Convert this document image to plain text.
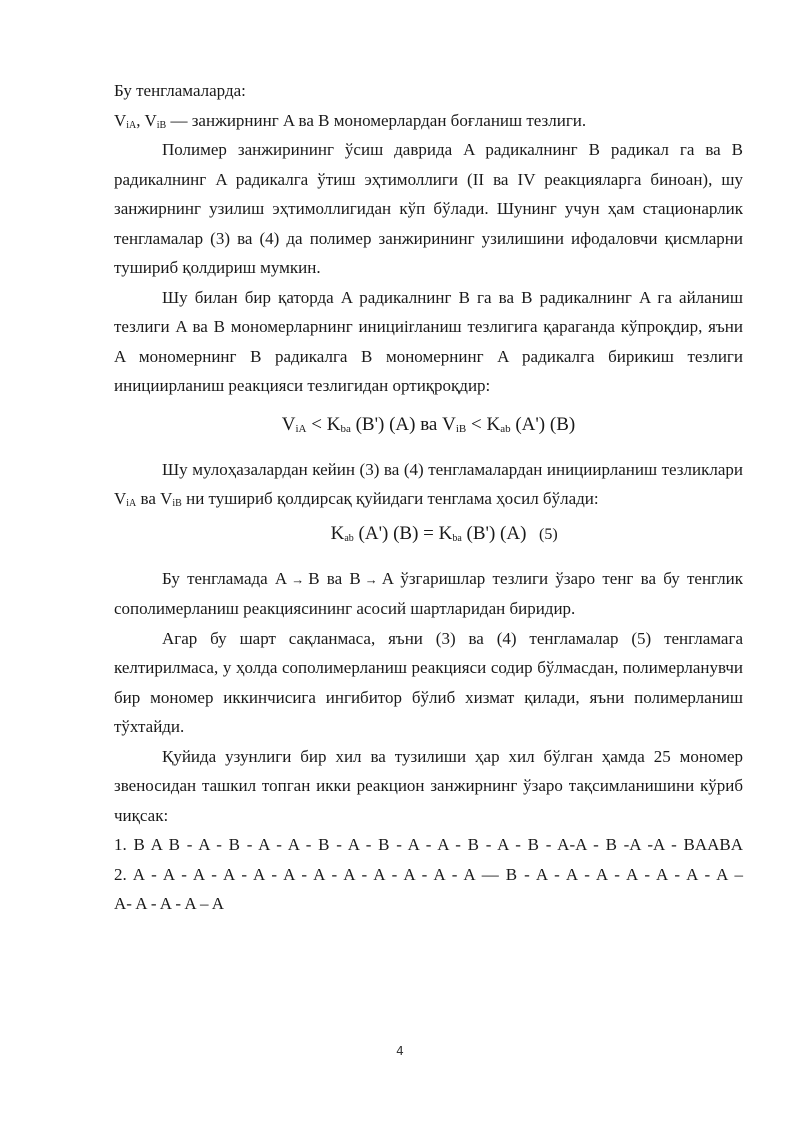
Бу тенгламаларда:

$V_{iA}$, $V_{iB}$ — занжирнинг A ва B мономерлардан боғланиш тезлиги.

Полимер занжирининг ўсиш даврида A радикалнинг B радикал га ва B радикалнинг A радикалга ўтиш эҳтимоллиги (II ва IV реакцияларга биноан), шу занжирнинг узилиш эҳтимоллигидан кўп бўлади. Шунинг учун ҳам стационарлик тенгламалар (3) ва (4) да полимер занжирининг узилишини ифодаловчи қисмларни тушириб қолдириш мумкин.

Шу билан бир қаторда A радикалнинг B га ва B радикалнинг A га айланиш тезлиги A ва B мономерларнинг инициirланиш тезлигига қараганда кўпроқдир, яъни A мономернинг B радикалга B мономернинг A радикалга бирикиш тезлиги инициирланиш реакцияси тезлигидан ортиқроқдир:

$V_{iA} < K_{ba}$ (B') (A) ва $V_{iB} < K_{ab}$ (A') (B)

Шу мулоҳазалардан кейин (3) ва (4) тенгламалардан инициирланиш тезликлари $V_{iA}$ ва $V_{iB}$ ни тушириб қолдирсақ қуйидаги тенглама ҳосил бўлади:

$K_{ab}$ (A') $(B) = K_{ba}$ (B') (A) (5)

Бу тенгламада A → B ва B → A ўзгаришлар тезлиги ўзаро тенг ва бу тенглик сополимерланиш реакциясининг асосий шартларидан биридир.

Агар бу шарт сақланмаса, яъни (3) ва (4) тенгламалар (5) тенгламага келтирилмаса, у ҳолда сополимерланиш реакцияси содир бўлмасдан, полимерланувчи бир мономер иккинчисига ингибитор бўлиб хизмат қилади, яъни полимерланиш тўхтайди.

Қуйида узунлиги бир хил ва тузилиши ҳар хил бўлган ҳамда 25 мономер звеносидан ташкил топган икки реакцион занжирнинг ўзаро тақсимланишини кўриб чиқсак:

1. B A B - A - B - A - A - B - A - B - A - A - B - A - B - A-A - B -A -A - BAABA

2. A - A - A - A - A - A - A - A - A - A - A - A — B - A - A - A - A - A - A - A –

A- A - A - A – A

4
